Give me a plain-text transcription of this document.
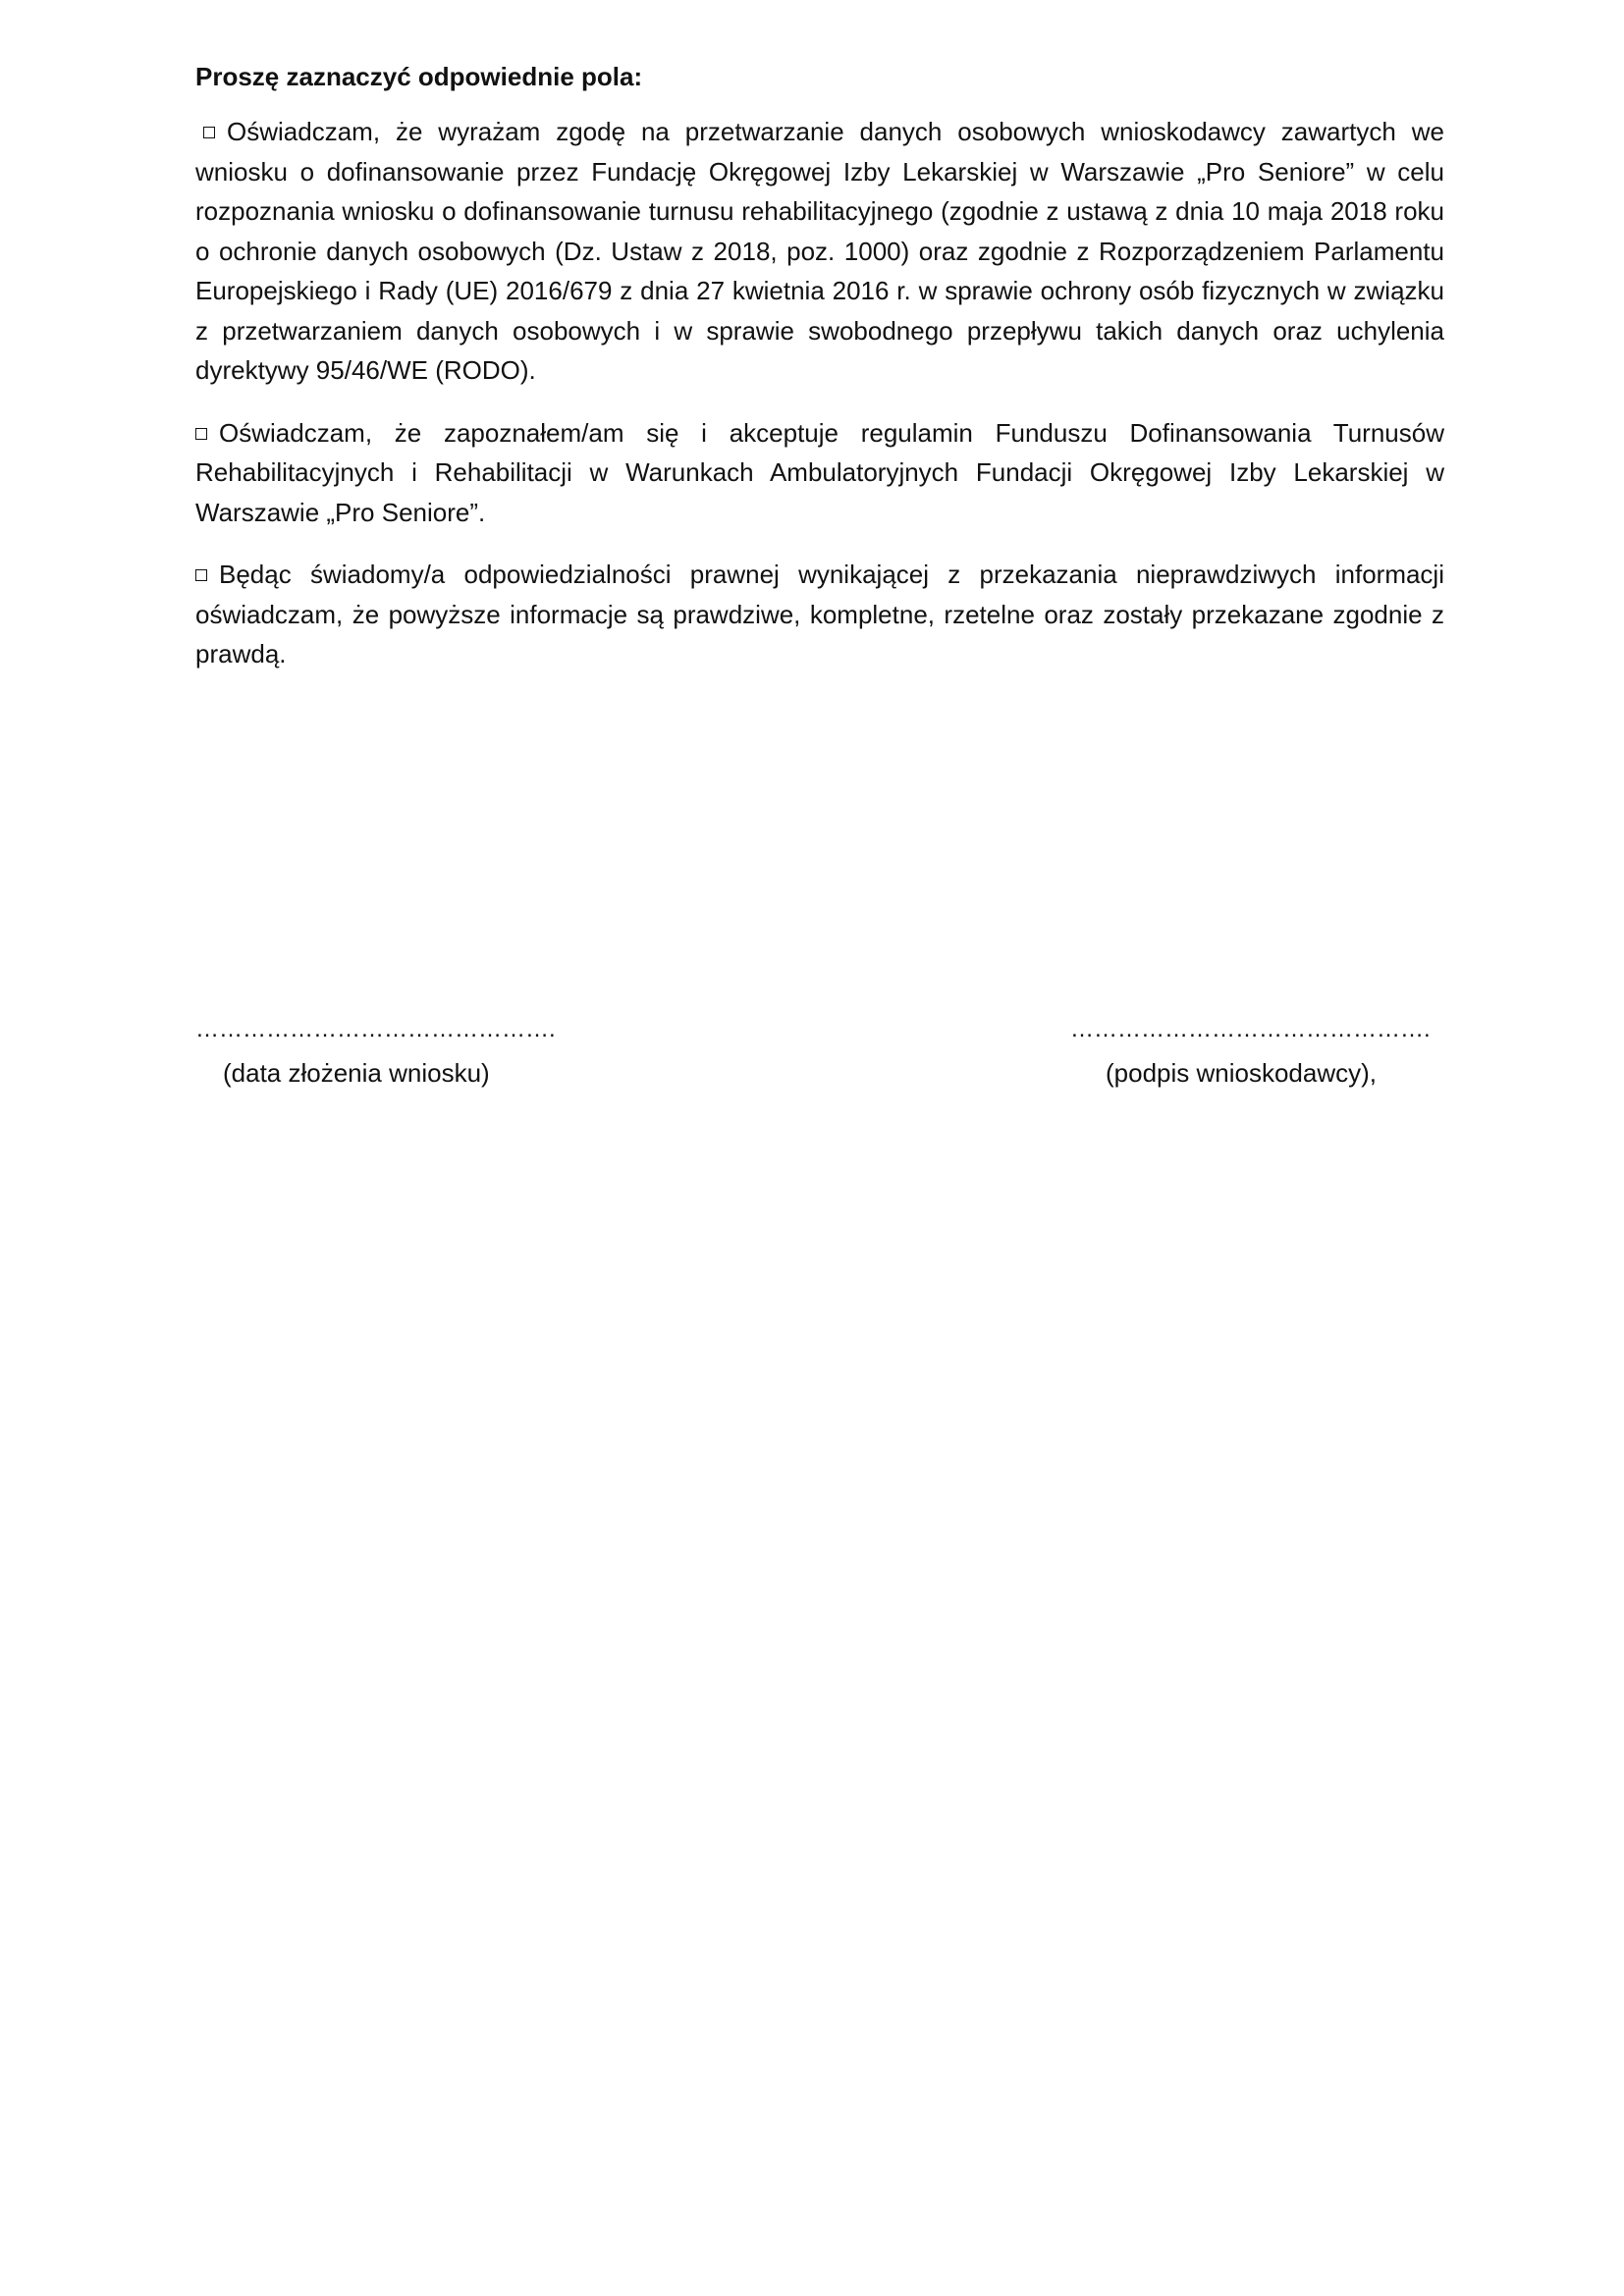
Proszę zaznaczyć odpowiednie pola:

Oświadczam, że wyrażam zgodę na przetwarzanie danych osobowych wnioskodawcy zawartych we wniosku o dofinansowanie przez Fundację Okręgowej Izby Lekarskiej w Warszawie „Pro Seniore” w celu rozpoznania wniosku o dofinansowanie turnusu rehabilitacyjnego (zgodnie z ustawą z dnia 10 maja 2018 roku o ochronie danych osobowych (Dz. Ustaw z 2018, poz. 1000) oraz zgodnie z Rozporządzeniem Parlamentu Europejskiego i Rady (UE) 2016/679 z dnia 27 kwietnia 2016 r. w sprawie ochrony osób fizycznych w związku z przetwarzaniem danych osobowych i w sprawie swobodnego przepływu takich danych oraz uchylenia dyrektywy 95/46/WE (RODO).

Oświadczam, że zapoznałem/am się i akceptuje regulamin Funduszu Dofinansowania Turnusów Rehabilitacyjnych i Rehabilitacji w Warunkach Ambulatoryjnych Fundacji Okręgowej Izby Lekarskiej w Warszawie „Pro Seniore”.

Będąc świadomy/a odpowiedzialności prawnej wynikającej z przekazania nieprawdziwych informacji oświadczam, że powyższe informacje są prawdziwe, kompletne, rzetelne oraz zostały przekazane zgodnie z prawdą.

……………………………………….
(data złożenia wniosku)
……………………………………….
(podpis wnioskodawcy),
